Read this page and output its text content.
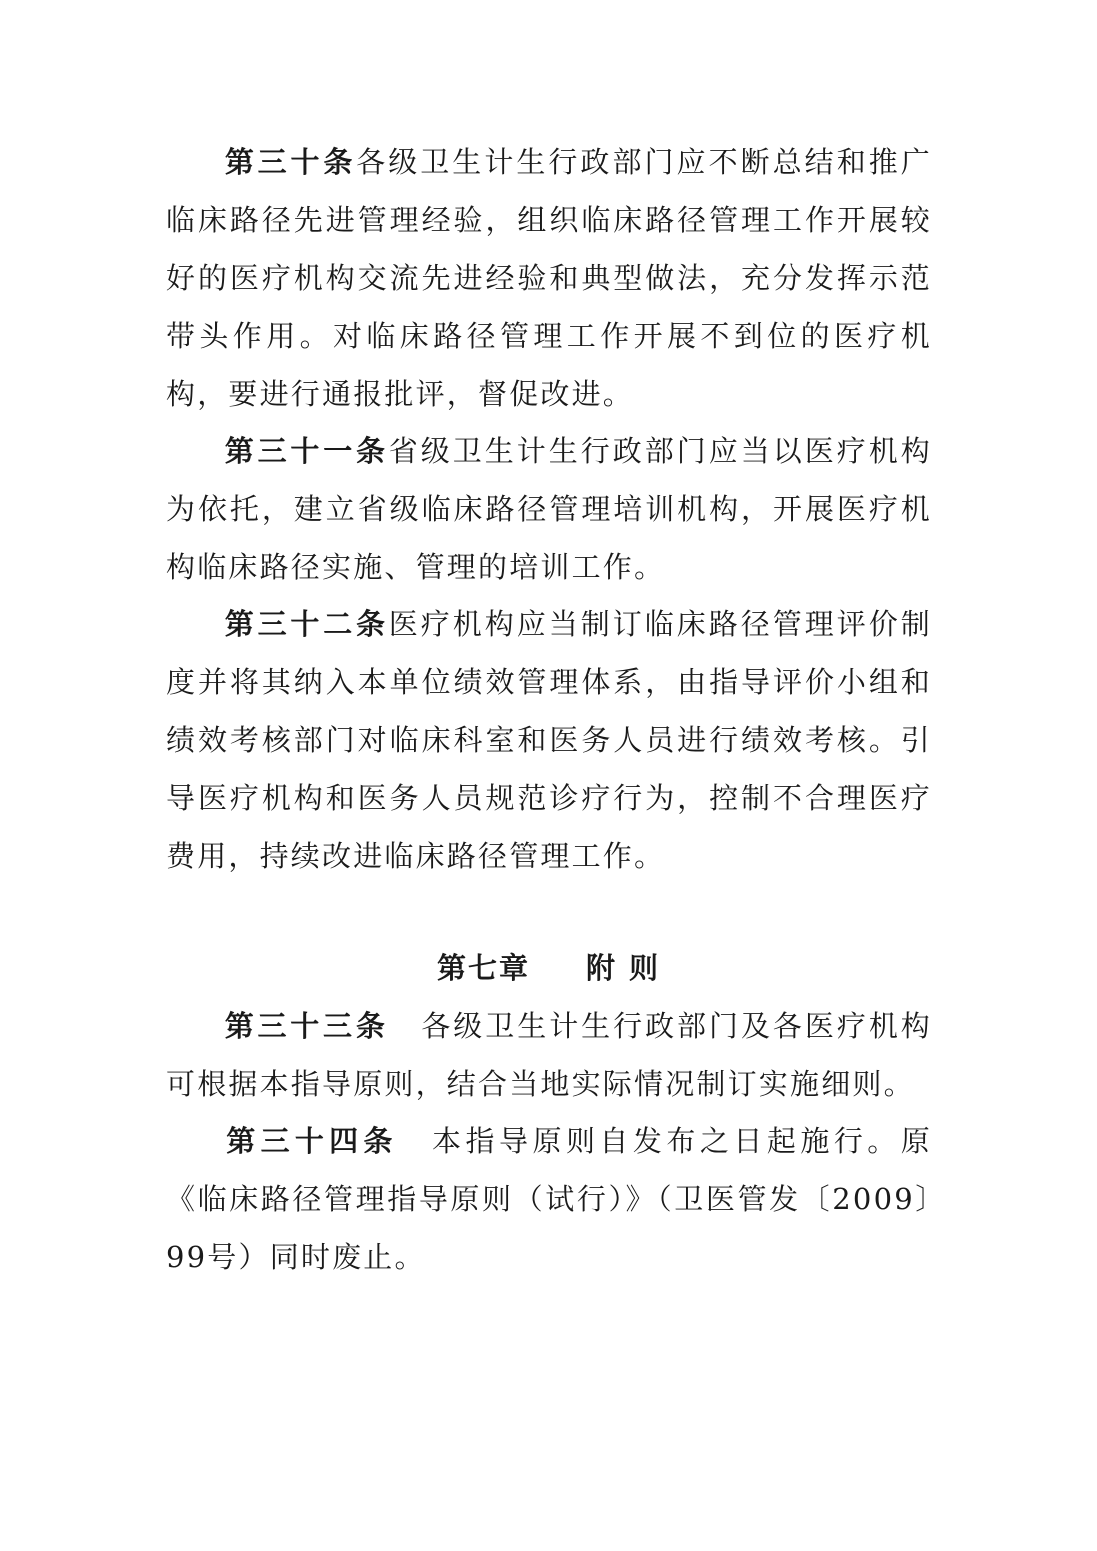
第三十条各级卫生计生行政部门应不断总结和推广临床路径先进管理经验，组织临床路径管理工作开展较好的医疗机构交流先进经验和典型做法，充分发挥示范带头作用。对临床路径管理工作开展不到位的医疗机构，要进行通报批评，督促改进。

第三十一条省级卫生计生行政部门应当以医疗机构为依托，建立省级临床路径管理培训机构，开展医疗机构临床路径实施、管理的培训工作。

第三十二条医疗机构应当制订临床路径管理评价制度并将其纳入本单位绩效管理体系，由指导评价小组和绩效考核部门对临床科室和医务人员进行绩效考核。引导医疗机构和医务人员规范诊疗行为，控制不合理医疗费用，持续改进临床路径管理工作。

第七章 附 则

第三十三条 各级卫生计生行政部门及各医疗机构可根据本指导原则，结合当地实际情况制订实施细则。

第三十四条 本指导原则自发布之日起施行。原《临床路径管理指导原则（试行）》（卫医管发〔2009〕99号）同时废止。
